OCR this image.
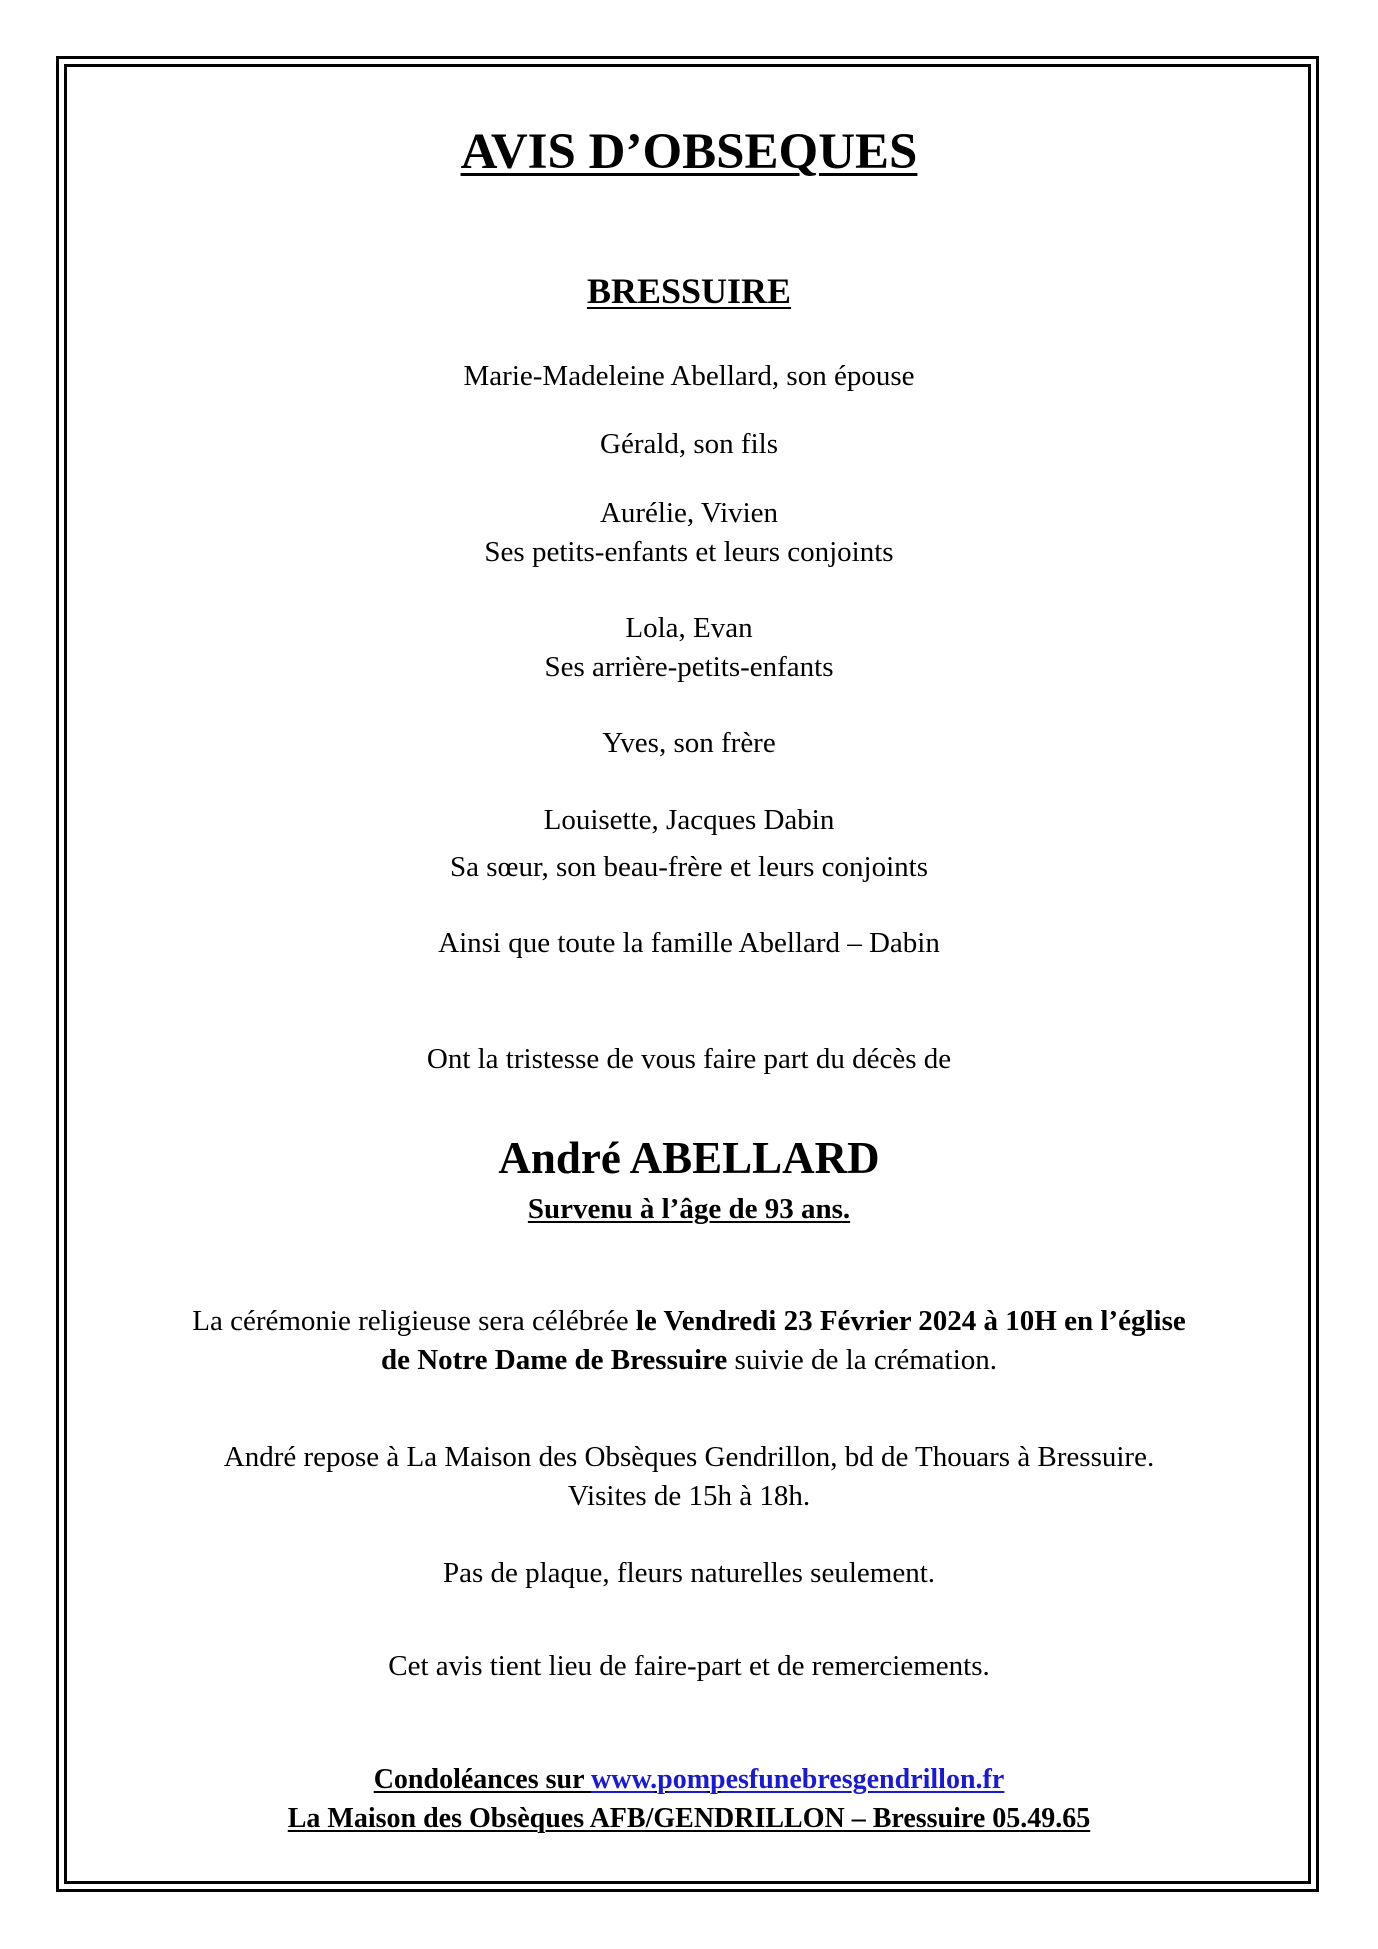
AVIS D’OBSEQUES
BRESSUIRE
Marie-Madeleine Abellard, son épouse
Gérald, son fils
Aurélie, Vivien
Ses petits-enfants et leurs conjoints
Lola, Evan
Ses arrière-petits-enfants
Yves, son frère
Louisette, Jacques Dabin
Sa sœur, son beau-frère et leurs conjoints
Ainsi que toute la famille Abellard – Dabin
Ont la tristesse de vous faire part du décès de
André ABELLARD
Survenu à l’âge de 93 ans.
La cérémonie religieuse sera célébrée le Vendredi 23 Février 2024 à 10H en l’église
de Notre Dame de Bressuire suivie de la crémation.
André repose à La Maison des Obsèques Gendrillon, bd de Thouars à Bressuire.
Visites de 15h à 18h.
Pas de plaque, fleurs naturelles seulement.
Cet avis tient lieu de faire-part et de remerciements.
Condoléances sur www.pompesfunebresgendrillon.fr
La Maison des Obsèques AFB/GENDRILLON – Bressuire 05.49.65
